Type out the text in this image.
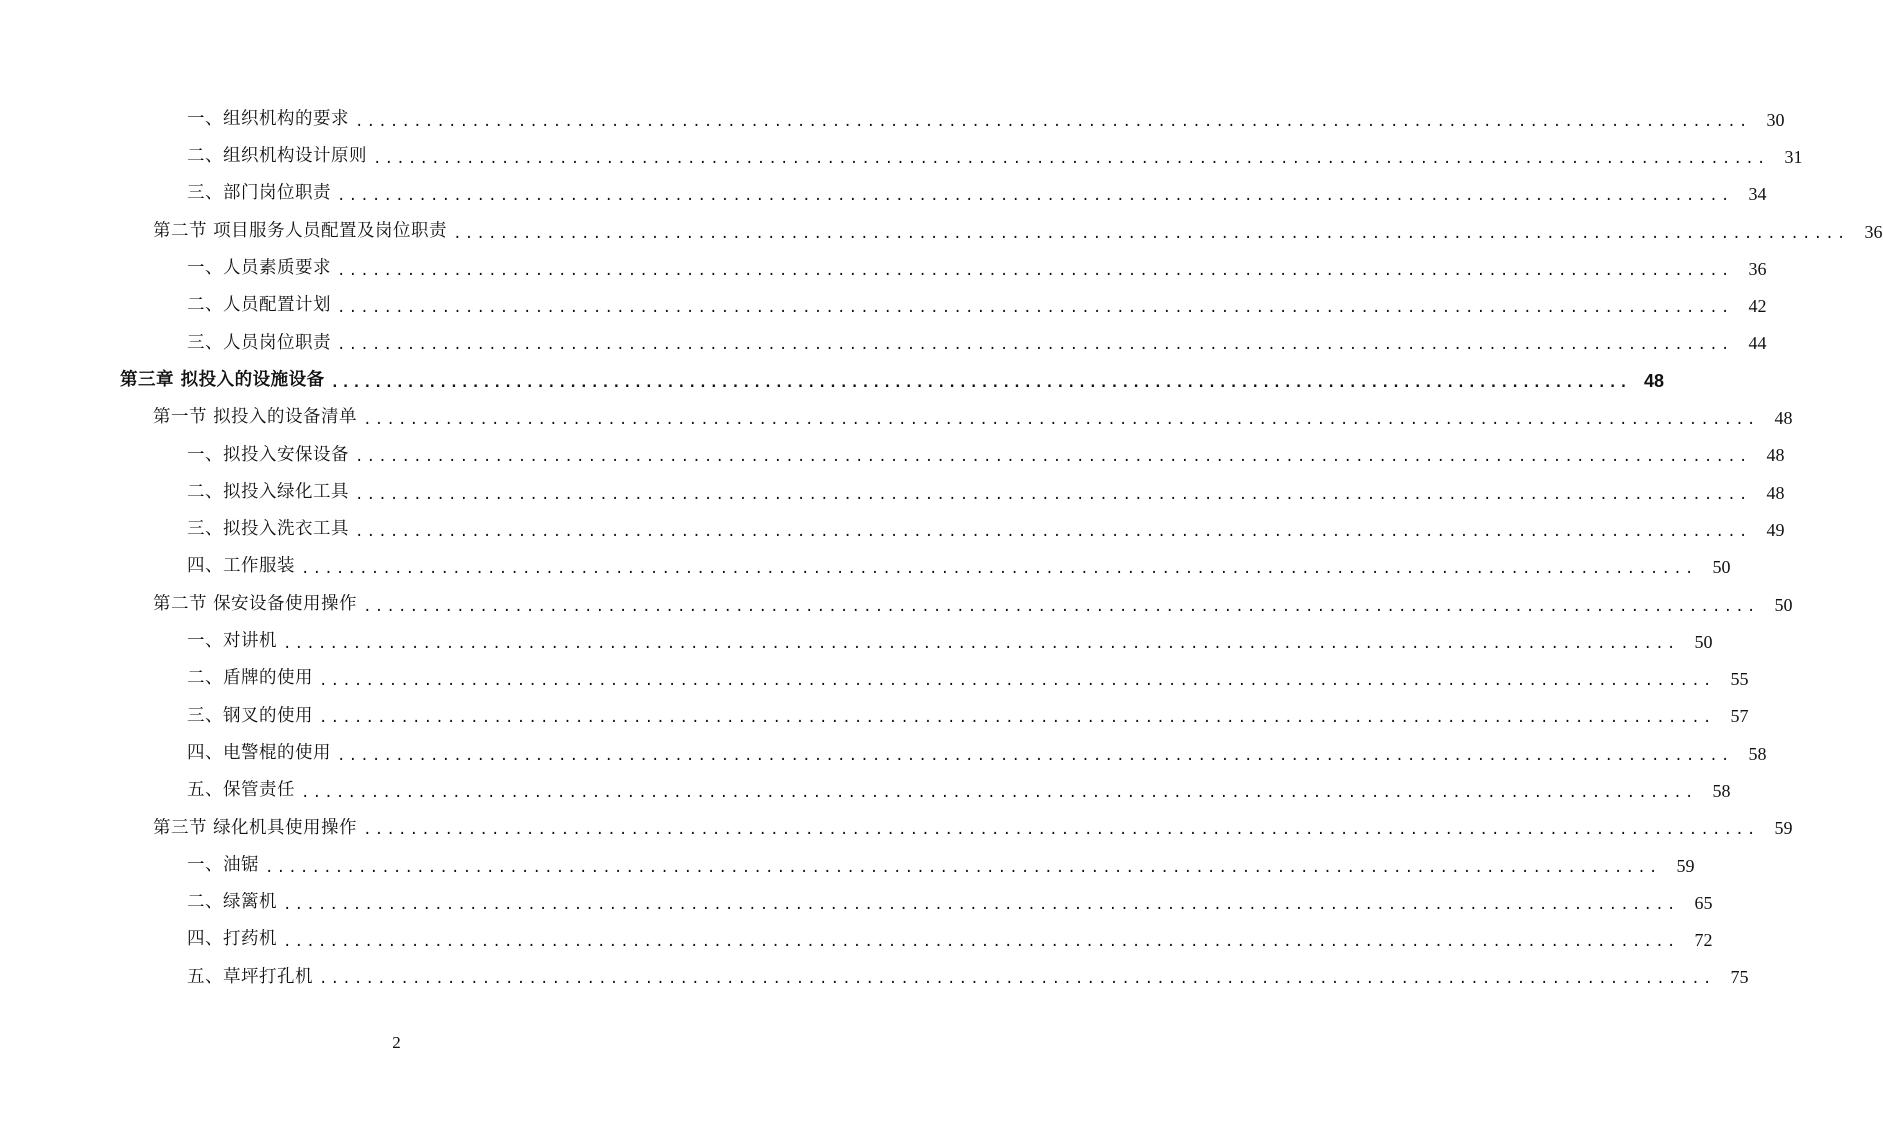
一、组织机构的要求 ........................................................................................................................ 30
二、组织机构设计原则 ........................................................................................................................ 31
三、部门岗位职责 ........................................................................................................................ 34
第二节 项目服务人员配置及岗位职责 ........................................................................................................................ 36
一、人员素质要求 ........................................................................................................................ 36
二、人员配置计划 ........................................................................................................................ 42
三、人员岗位职责 ........................................................................................................................ 44
第三章 拟投入的设施设备 ........................................................................................................................ 48
第一节 拟投入的设备清单 ........................................................................................................................ 48
一、拟投入安保设备 ........................................................................................................................ 48
二、拟投入绿化工具 ........................................................................................................................ 48
三、拟投入洗衣工具 ........................................................................................................................ 49
四、工作服装 ........................................................................................................................ 50
第二节 保安设备使用操作 ........................................................................................................................ 50
一、对讲机 ........................................................................................................................ 50
二、盾牌的使用 ........................................................................................................................ 55
三、钢叉的使用 ........................................................................................................................ 57
四、电警棍的使用 ........................................................................................................................ 58
五、保管责任 ........................................................................................................................ 58
第三节 绿化机具使用操作 ........................................................................................................................ 59
一、油锯 ........................................................................................................................ 59
二、绿篱机 ........................................................................................................................ 65
四、打药机 ........................................................................................................................ 72
五、草坪打孔机 ........................................................................................................................ 75
2
